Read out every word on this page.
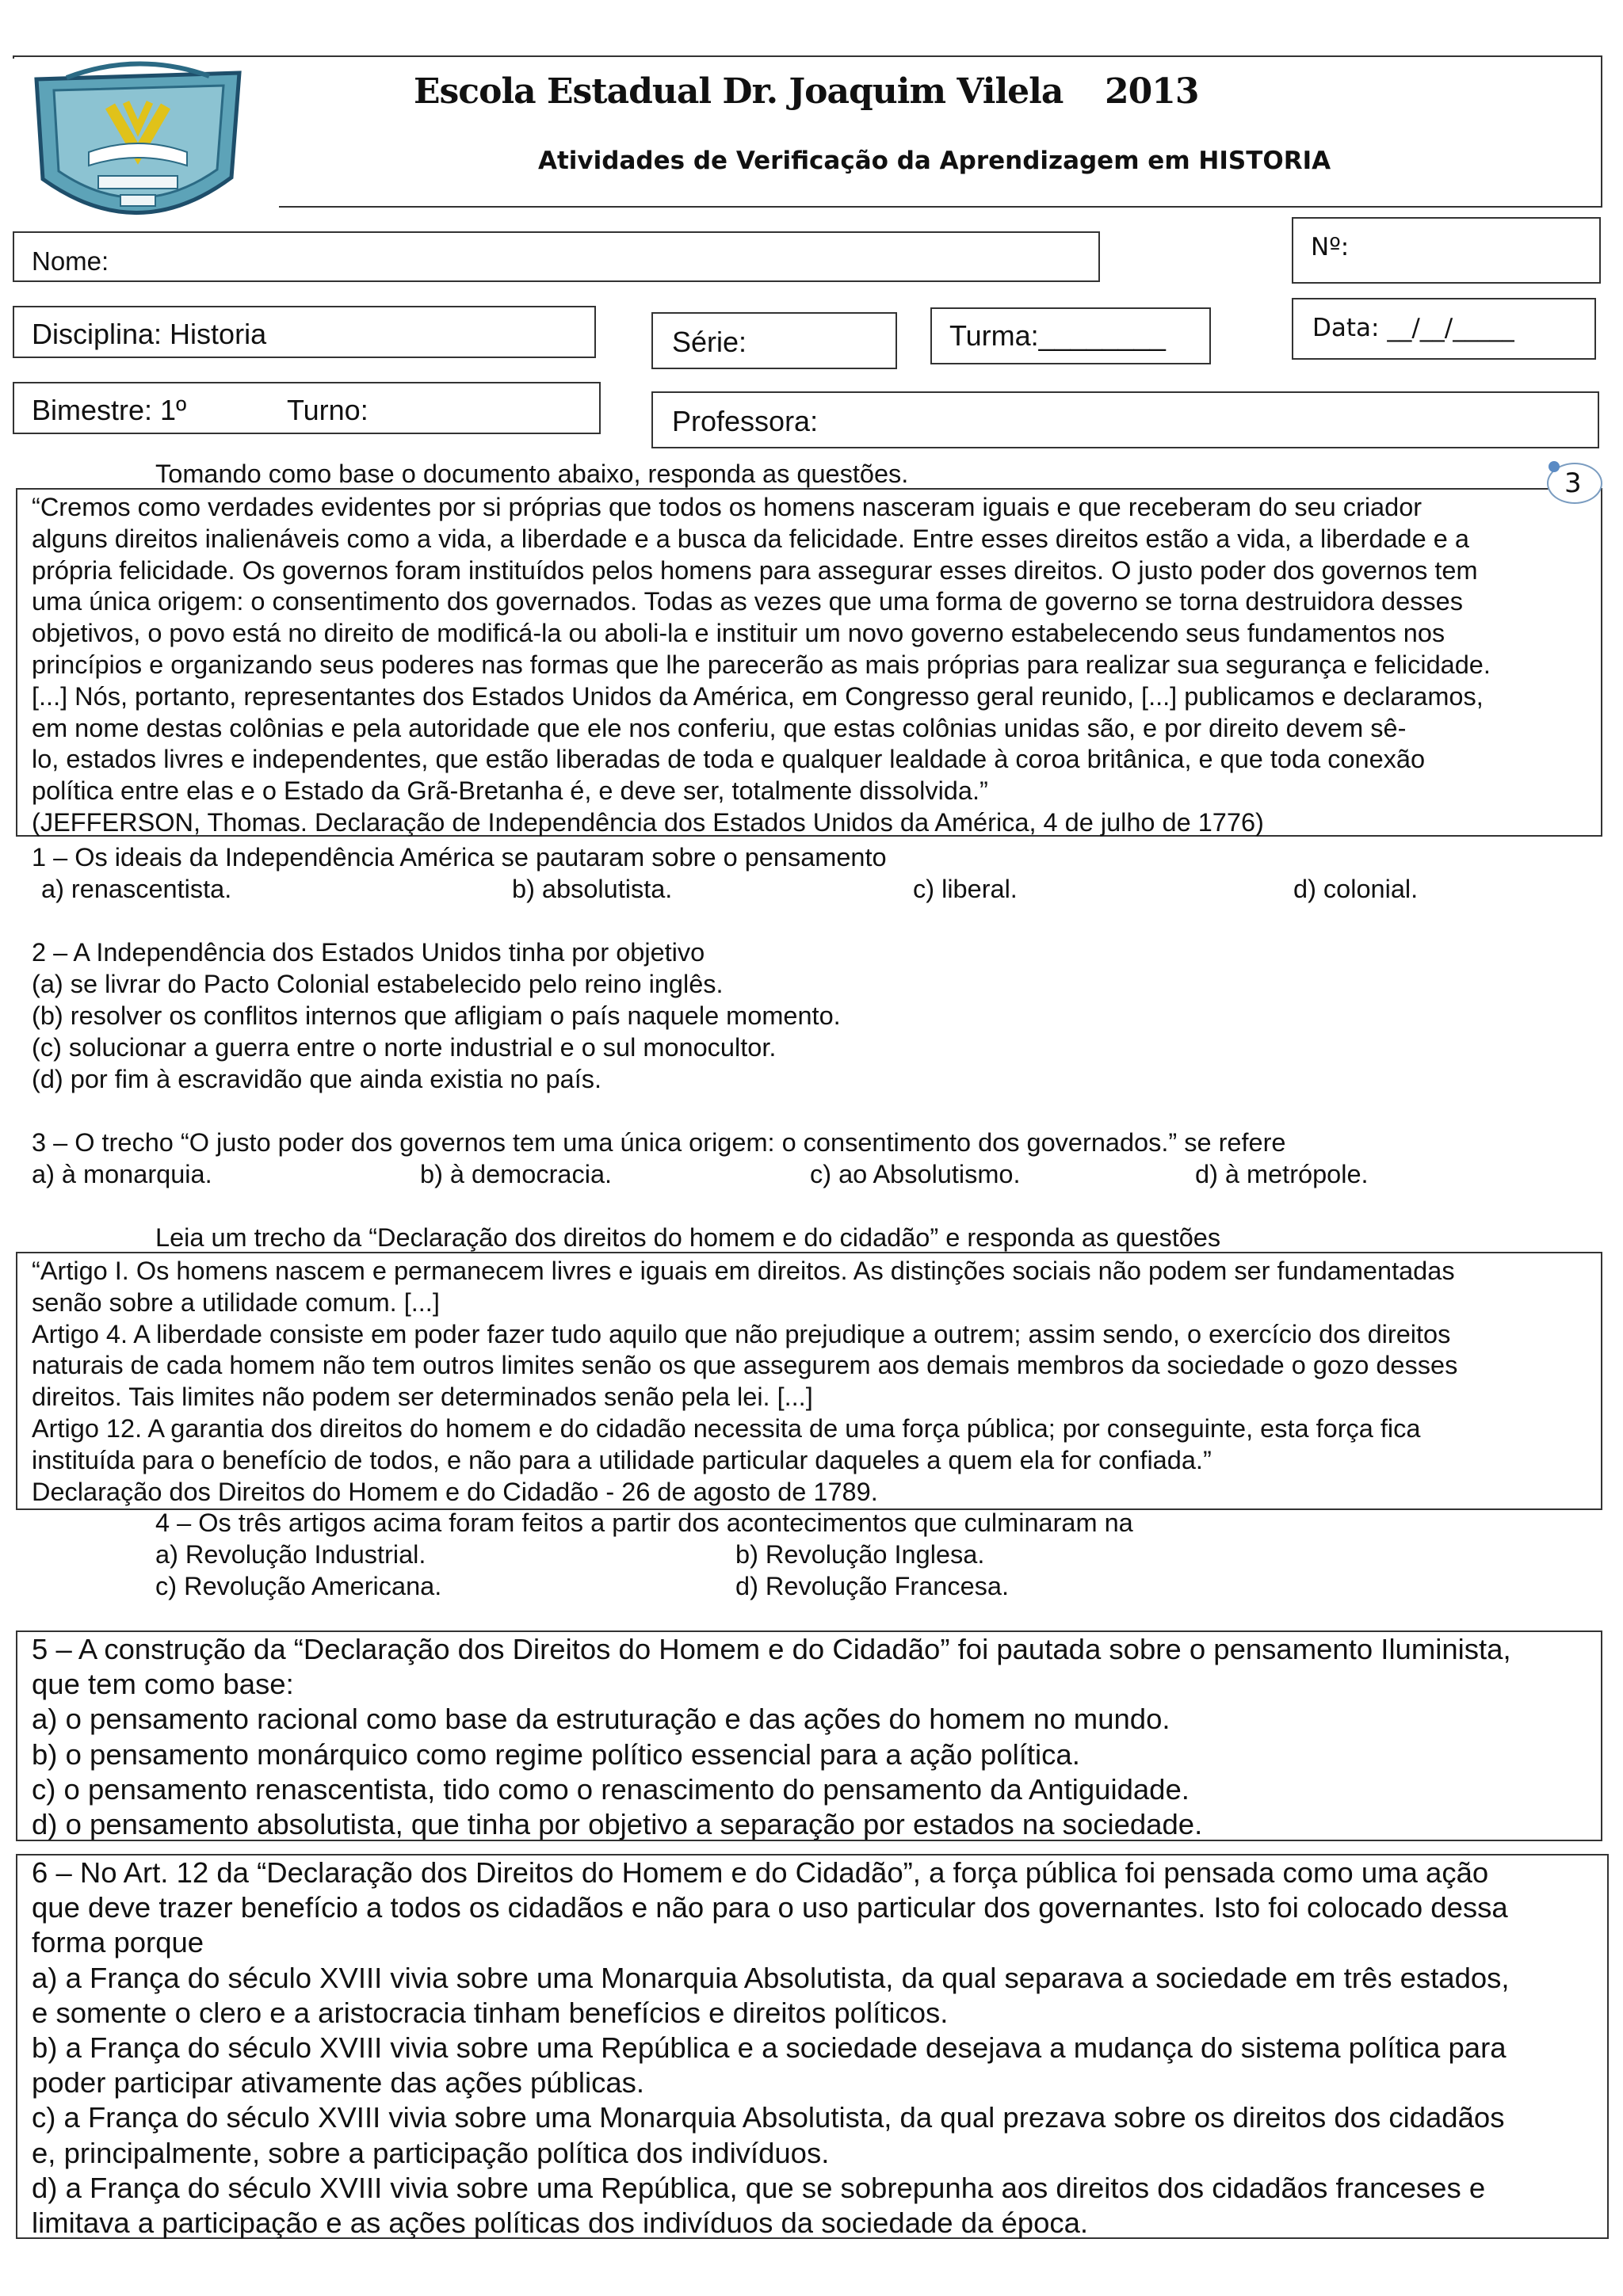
Escola Estadual Dr. Joaquim Vilela 2013
Atividades de Verificação da Aprendizagem em HISTORIA
Nome:	Nº:
Disciplina: Historia	Série:	Turma:________	Data: __/__/_____
Bimestre: 1º	Turno:	Professora:
Tomando como base o documento abaixo, responda as questões.	3
“Cremos como verdades evidentes por si próprias que todos os homens nasceram iguais e que receberam do seu criador
alguns direitos inalienáveis como a vida, a liberdade e a busca da felicidade. Entre esses direitos estão a vida, a liberdade e a
própria felicidade. Os governos foram instituídos pelos homens para assegurar esses direitos. O justo poder dos governos tem
uma única origem: o consentimento dos governados. Todas as vezes que uma forma de governo se torna destruidora desses
objetivos, o povo está no direito de modificá-la ou aboli-la e instituir um novo governo estabelecendo seus fundamentos nos
princípios e organizando seus poderes nas formas que lhe parecerão as mais próprias para realizar sua segurança e felicidade.
[...] Nós, portanto, representantes dos Estados Unidos da América, em Congresso geral reunido, [...] publicamos e declaramos,
em nome destas colônias e pela autoridade que ele nos conferiu, que estas colônias unidas são, e por direito devem sê-
lo, estados livres e independentes, que estão liberadas de toda e qualquer lealdade à coroa britânica, e que toda conexão
política entre elas e o Estado da Grã-Bretanha é, e deve ser, totalmente dissolvida.”
(JEFFERSON, Thomas. Declaração de Independência dos Estados Unidos da América, 4 de julho de 1776)
1 – Os ideais da Independência América se pautaram sobre o pensamento
a) renascentista.	b) absolutista.	c) liberal.	d) colonial.
2 – A Independência dos Estados Unidos tinha por objetivo
(a) se livrar do Pacto Colonial estabelecido pelo reino inglês.
(b) resolver os conflitos internos que afligiam o país naquele momento.
(c) solucionar a guerra entre o norte industrial e o sul monocultor.
(d) por fim à escravidão que ainda existia no país.
3 – O trecho “O justo poder dos governos tem uma única origem: o consentimento dos governados.” se refere
a) à monarquia.	b) à democracia.	c) ao Absolutismo.	d) à metrópole.
Leia um trecho da “Declaração dos direitos do homem e do cidadão” e responda as questões
“Artigo I. Os homens nascem e permanecem livres e iguais em direitos. As distinções sociais não podem ser fundamentadas
senão sobre a utilidade comum. [...]
Artigo 4. A liberdade consiste em poder fazer tudo aquilo que não prejudique a outrem; assim sendo, o exercício dos direitos
naturais de cada homem não tem outros limites senão os que assegurem aos demais membros da sociedade o gozo desses
direitos. Tais limites não podem ser determinados senão pela lei. [...]
Artigo 12. A garantia dos direitos do homem e do cidadão necessita de uma força pública; por conseguinte, esta força fica
instituída para o benefício de todos, e não para a utilidade particular daqueles a quem ela for confiada.”
Declaração dos Direitos do Homem e do Cidadão - 26 de agosto de 1789.
4 – Os três artigos acima foram feitos a partir dos acontecimentos que culminaram na
a) Revolução Industrial.	b) Revolução Inglesa.
c) Revolução Americana.	d) Revolução Francesa.
5 – A construção da “Declaração dos Direitos do Homem e do Cidadão” foi pautada sobre o pensamento Iluminista,
que tem como base:
a) o pensamento racional como base da estruturação e das ações do homem no mundo.
b) o pensamento monárquico como regime político essencial para a ação política.
c) o pensamento renascentista, tido como o renascimento do pensamento da Antiguidade.
d) o pensamento absolutista, que tinha por objetivo a separação por estados na sociedade.
6 – No Art. 12 da “Declaração dos Direitos do Homem e do Cidadão”, a força pública foi pensada como uma ação
que deve trazer benefício a todos os cidadãos e não para o uso particular dos governantes. Isto foi colocado dessa
forma porque
a) a França do século XVIII vivia sobre uma Monarquia Absolutista, da qual separava a sociedade em três estados,
e somente o clero e a aristocracia tinham benefícios e direitos políticos.
b) a França do século XVIII vivia sobre uma República e a sociedade desejava a mudança do sistema política para
poder participar ativamente das ações públicas.
c) a França do século XVIII vivia sobre uma Monarquia Absolutista, da qual prezava sobre os direitos dos cidadãos
e, principalmente, sobre a participação política dos indivíduos.
d) a França do século XVIII vivia sobre uma República, que se sobrepunha aos direitos dos cidadãos franceses e
limitava a participação e as ações políticas dos indivíduos da sociedade da época.
